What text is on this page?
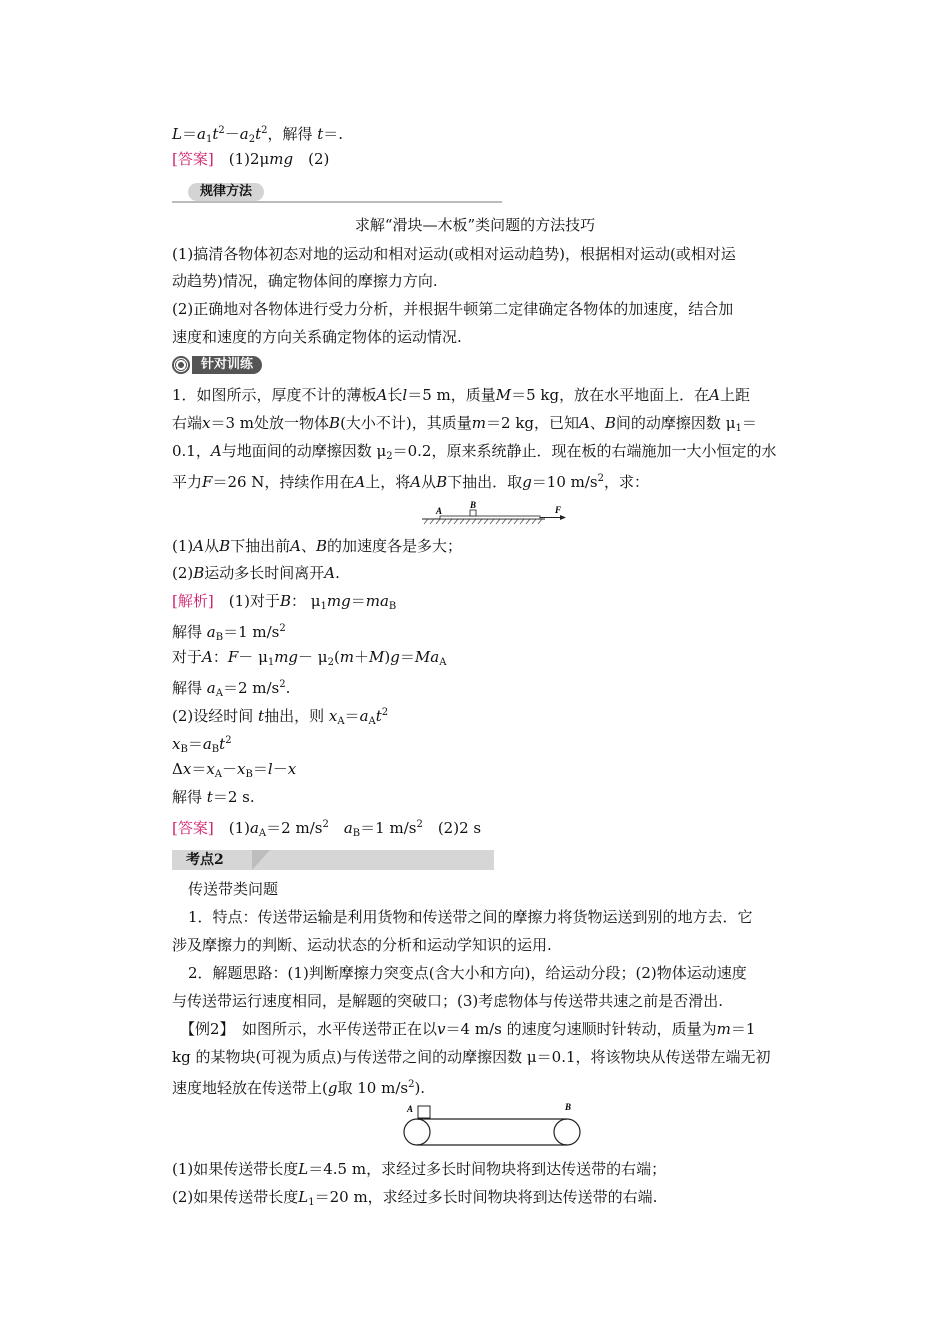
$L=a_1t^2-a_2t^2$，解得 t＝.
[答案]　(1)2μmg　(2)
规律方法
求解“滑块—木板”类问题的方法技巧
(1)搞清各物体初态对地的运动和相对运动(或相对运动趋势)，根据相对运动(或相对运
动趋势)情况，确定物体间的摩擦力方向.
(2)正确地对各物体进行受力分析，并根据牛顿第二定律确定各物体的加速度，结合加
速度和速度的方向关系确定物体的运动情况.
针对训练
1．如图所示，厚度不计的薄板A长l＝5 m，质量M＝5 kg，放在水平地面上．在A上距
右端x＝3 m处放一物体B(大小不计)，其质量m＝2 kg，已知A、B间的动摩擦因数 $\mu_1=$
0.1，A与地面间的动摩擦因数 $\mu_2=0.2$，原来系统静止．现在板的右端施加一大小恒定的水
平力F＝26 N，持续作用在A上，将A从B下抽出．取g＝10 $m/s^2$，求：
A
B	F
(1)A从B下抽出前A、B的加速度各是多大；
(2)B运动多长时间离开A.
[解析]　(1)对于B： $\mu_1mg=ma_B$
解得 $a_B=1$ $m/s^2$
对于A：$F- \mu_1mg- \mu_2(m+M)g=Ma_A$
解得 $a_A=2$ $m/s^2$.
(2)设经时间 t抽出，则 $x_A=a_At^2$
$x_B=a_Bt^2$
$\Delta x=x_A-x_B=l-x$
解得 t＝2 s.
[答案]　$(1)a_A=2$ $m/s^2$　 $a_B=1$ $m/s^2$　(2)2 s
考点2
传送带类问题
1．特点：传送带运输是利用货物和传送带之间的摩擦力将货物运送到别的地方去．它
涉及摩擦力的判断、运动状态的分析和运动学知识的运用.
2．解题思路：(1)判断摩擦力突变点(含大小和方向)，给运动分段；(2)物体运动速度
与传送带运行速度相同，是解题的突破口；(3)考虑物体与传送带共速之前是否滑出.
【例2】　如图所示，水平传送带正在以v＝4 m/s 的速度匀速顺时针转动，质量为m＝1
kg 的某物块(可视为质点)与传送带之间的动摩擦因数 μ＝0.1，将该物块从传送带左端无初
速度地轻放在传送带上(g取 10 $m/s^2$).
A	B
(1)如果传送带长度L＝4.5 m，求经过多长时间物块将到达传送带的右端；
(2)如果传送带长度$L_1=20$ m，求经过多长时间物块将到达传送带的右端.
